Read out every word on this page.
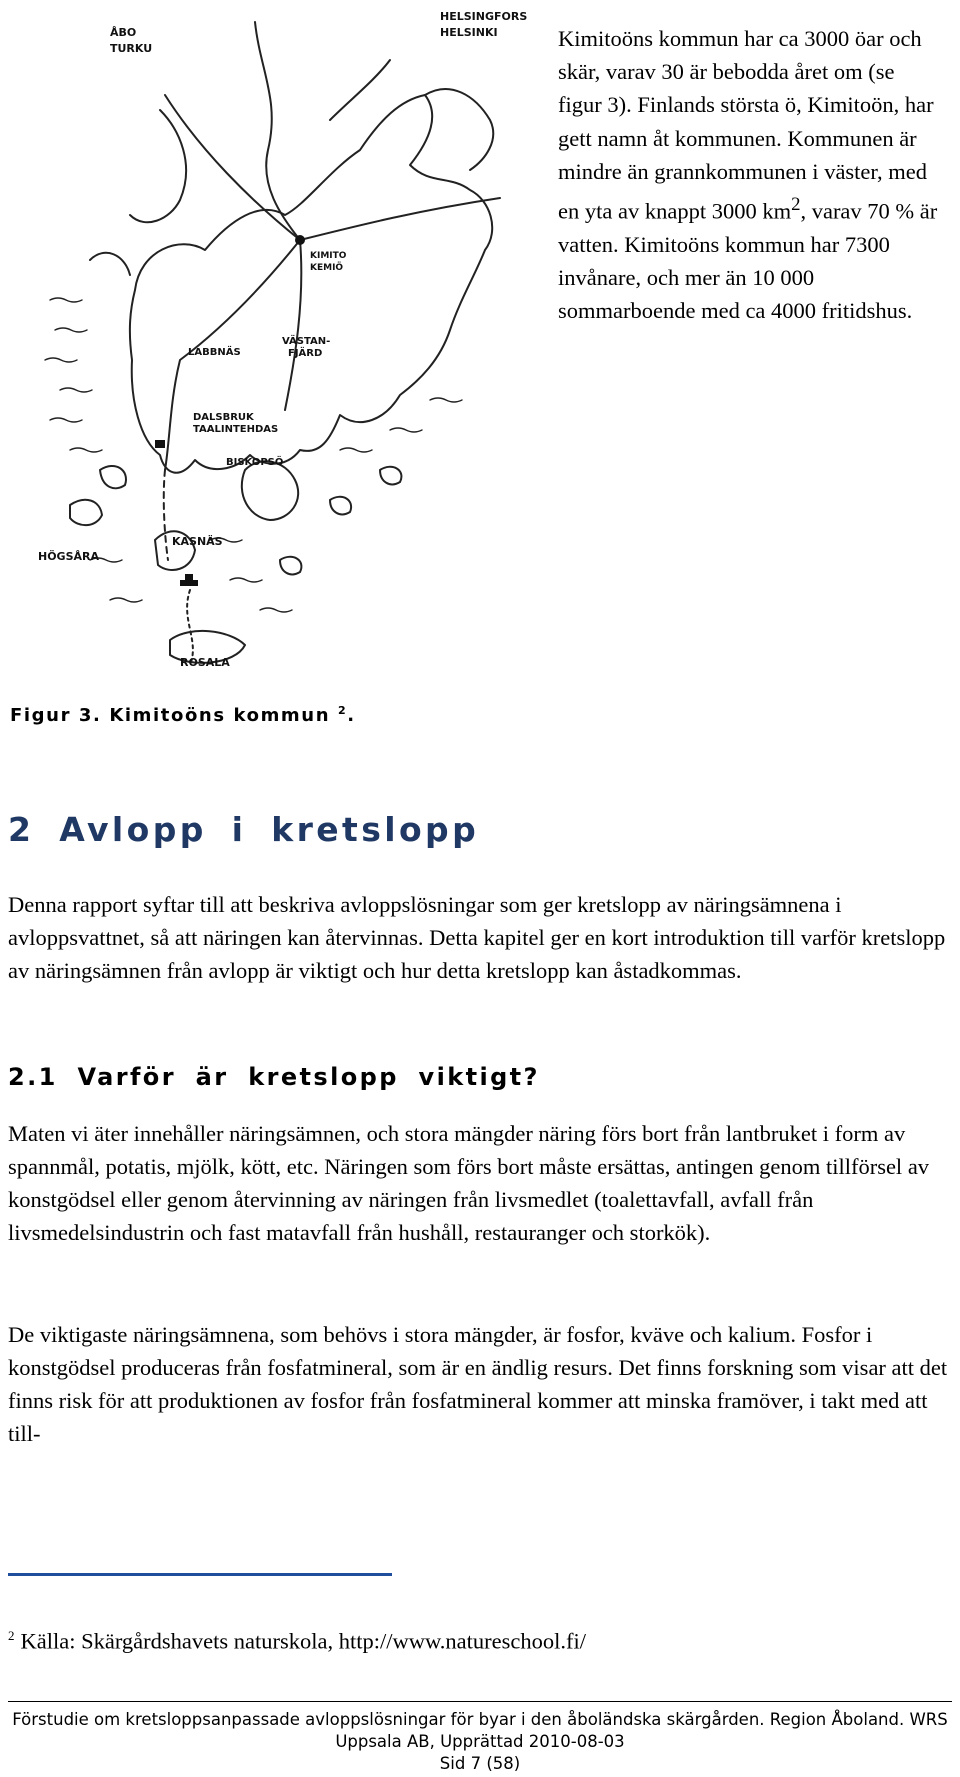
ÅBO
TURKU
HELSINGFORS
HELSINKI
KIMITO
KEMIÖ
LABBNÄS
VÄSTAN-
FJÄRD
DALSBRUK
TAALINTEHDAS
BISKOPSÖ
HÖGSÅRA
KASNÄS
ROSALA

Kimitoöns kommun har ca 3000 öar och skär, varav 30 är bebodda året om (se figur 3). Finlands största ö, Kimitoön, har gett namn åt kommunen. Kommunen är mindre än grannkommunen i väster, med en yta av knappt 3000 $km^2$, varav 70 % är vatten. Kimitoöns kommun har 7300 invånare, och mer än 10 000 sommarboende med ca 4000 fritidshus.

Figur 3. Kimitoöns kommun $^2$.
2 Avlopp i kretslopp

Denna rapport syftar till att beskriva avloppslösningar som ger kretslopp av näringsämnena i avloppsvattnet, så att näringen kan återvinnas. Detta kapitel ger en kort introduktion till varför kretslopp av näringsämnen från avlopp är viktigt och hur detta kretslopp kan åstadkommas.

2.1 Varför är kretslopp viktigt?

Maten vi äter innehåller näringsämnen, och stora mängder näring förs bort från lantbruket i form av spannmål, potatis, mjölk, kött, etc. Näringen som förs bort måste ersättas, antingen genom tillförsel av konstgödsel eller genom återvinning av näringen från livsmedlet (toalettavfall, avfall från livsmedelsindustrin och fast matavfall från hushåll, restauranger och storkök).

De viktigaste näringsämnena, som behövs i stora mängder, är fosfor, kväve och kalium. Fosfor i konstgödsel produceras från fosfatmineral, som är en ändlig resurs. Det finns forskning som visar att det finns risk för att produktionen av fosfor från fosfatmineral kommer att minska framöver, i takt med att till-

$^2$ Källa: Skärgårdshavets naturskola, http://www.natureschool.fi/
Förstudie om kretsloppsanpassade avloppslösningar för byar i den åboländska skärgården. Region Åboland. WRS Uppsala AB, Upprättad 2010-08-03
Sid 7 (58)
